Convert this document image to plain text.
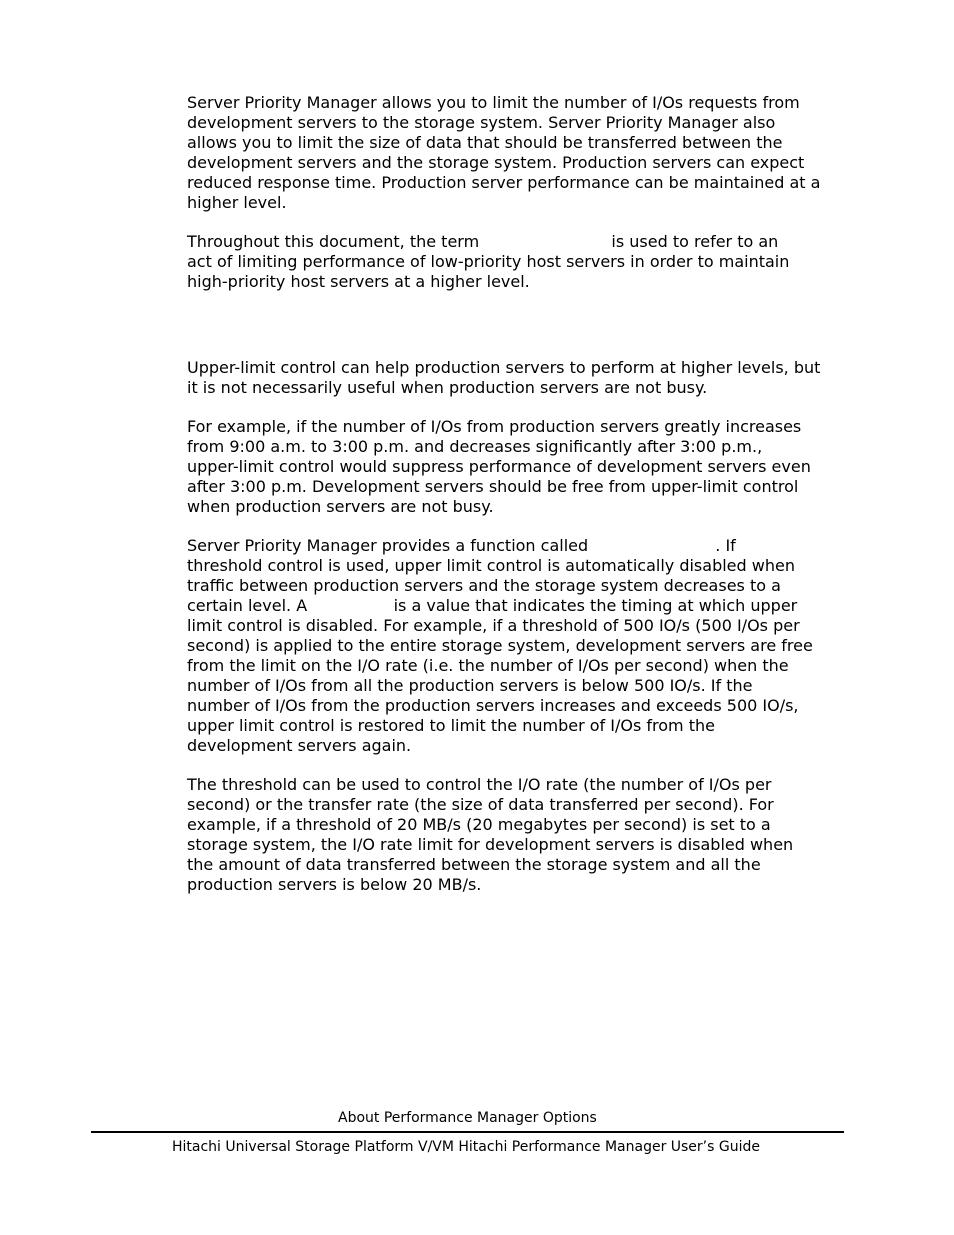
Server Priority Manager allows you to limit the number of I/Os requests from
development servers to the storage system. Server Priority Manager also
allows you to limit the size of data that should be transferred between the
development servers and the storage system. Production servers can expect
reduced response time. Production server performance can be maintained at a
higher level.
Throughout this document, the term                          is used to refer to an
act of limiting performance of low-priority host servers in order to maintain
high-priority host servers at a higher level.
Upper-limit control can help production servers to perform at higher levels, but
it is not necessarily useful when production servers are not busy.
For example, if the number of I/Os from production servers greatly increases
from 9:00 a.m. to 3:00 p.m. and decreases significantly after 3:00 p.m.,
upper-limit control would suppress performance of development servers even
after 3:00 p.m. Development servers should be free from upper-limit control
when production servers are not busy.
Server Priority Manager provides a function called                         . If
threshold control is used, upper limit control is automatically disabled when
traffic between production servers and the storage system decreases to a
certain level. A                 is a value that indicates the timing at which upper
limit control is disabled. For example, if a threshold of 500 IO/s (500 I/Os per
second) is applied to the entire storage system, development servers are free
from the limit on the I/O rate (i.e. the number of I/Os per second) when the
number of I/Os from all the production servers is below 500 IO/s. If the
number of I/Os from the production servers increases and exceeds 500 IO/s,
upper limit control is restored to limit the number of I/Os from the
development servers again.
The threshold can be used to control the I/O rate (the number of I/Os per
second) or the transfer rate (the size of data transferred per second). For
example, if a threshold of 20 MB/s (20 megabytes per second) is set to a
storage system, the I/O rate limit for development servers is disabled when
the amount of data transferred between the storage system and all the
production servers is below 20 MB/s.
About Performance Manager Options
Hitachi Universal Storage Platform V/VM Hitachi Performance Manager User’s Guide
